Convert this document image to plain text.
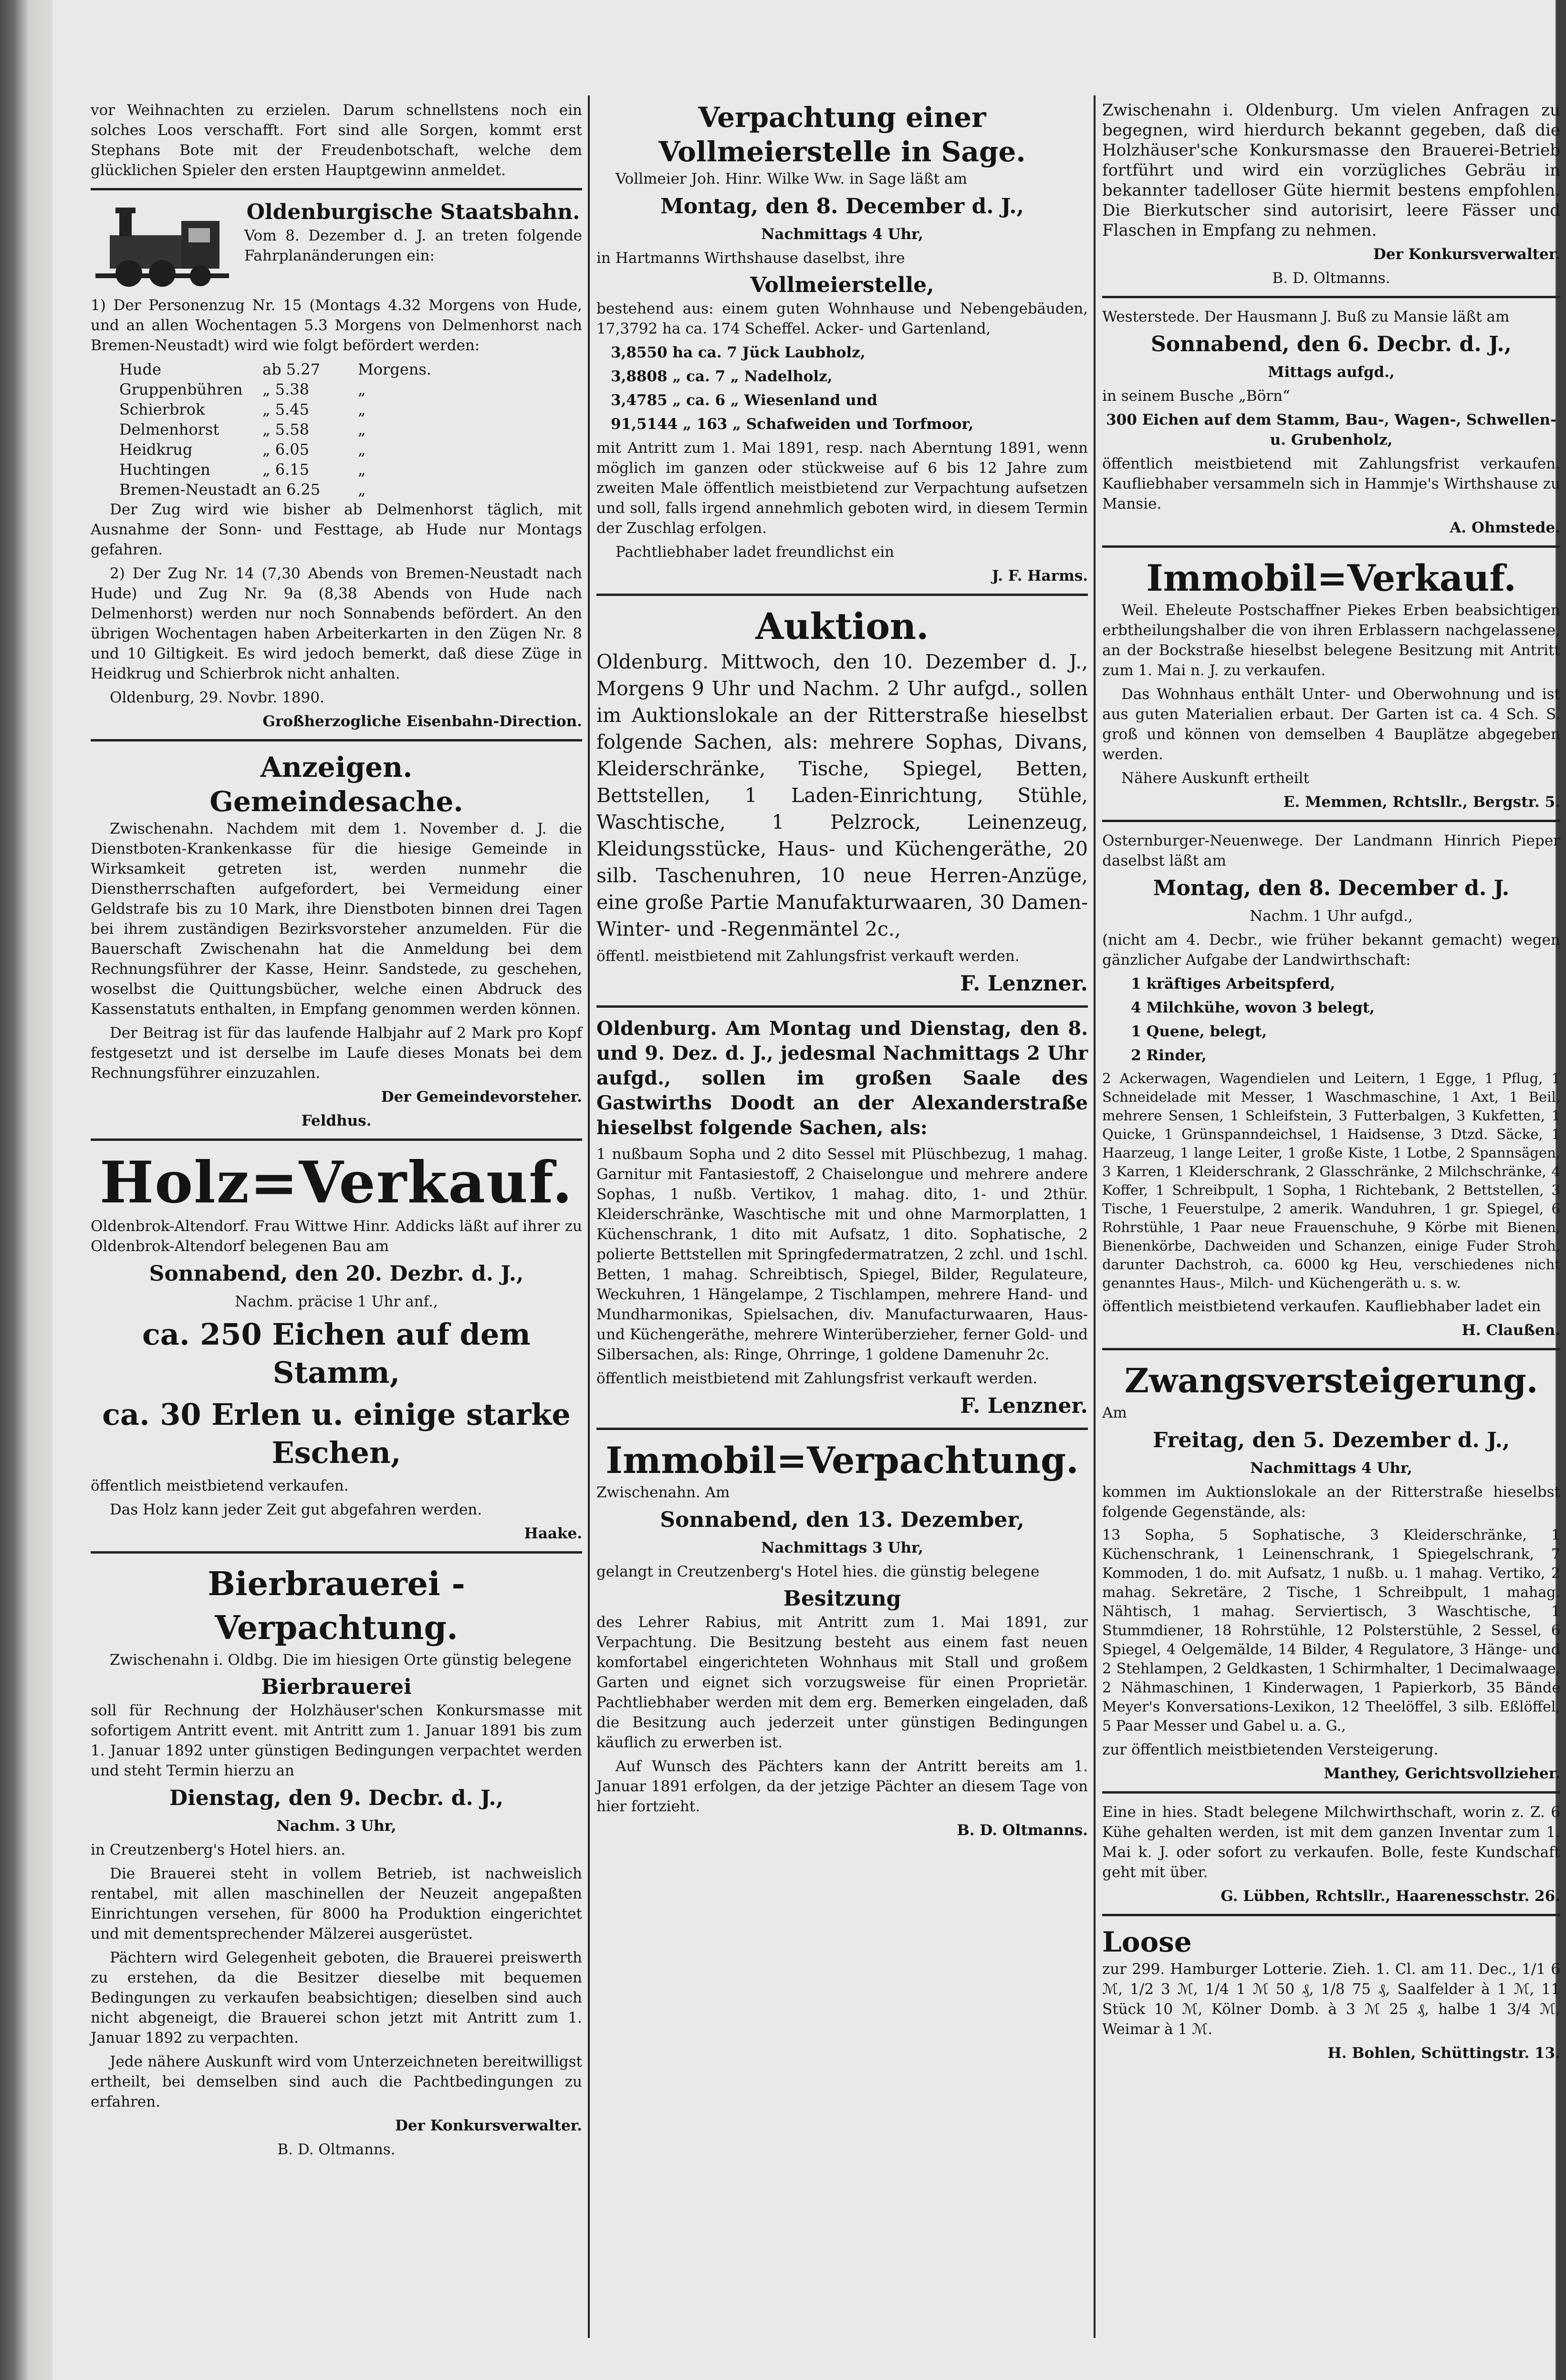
vor Weihnachten zu erzielen. Darum schnellstens noch ein solches Loos verschafft. Fort sind alle Sorgen, kommt erst Stephans Bote mit der Freudenbotschaft, welche dem glücklichen Spieler den ersten Hauptgewinn anmeldet.

Oldenburgische Staatsbahn.

Vom 8. Dezember d. J. an treten folgende Fahrplanänderungen ein:

1) Der Personenzug Nr. 15 (Montags 4.32 Morgens von Hude, und an allen Wochentagen 5.3 Morgens von Delmenhorst nach Bremen-Neustadt) wird wie folgt befördert werden:

Hude	ab 5.27	Morgens.
Gruppenbühren	„ 5.38	„
Schierbrok	„ 5.45	„
Delmenhorst	„ 5.58	„
Heidkrug	„ 6.05	„
Huchtingen	„ 6.15	„
Bremen-Neustadt an 6.25	„

Der Zug wird wie bisher ab Delmenhorst täglich, mit Ausnahme der Sonn- und Festtage, ab Hude nur Montags gefahren.

2) Der Zug Nr. 14 (7,30 Abends von Bremen-Neustadt nach Hude) und Zug Nr. 9a (8,38 Abends von Hude nach Delmenhorst) werden nur noch Sonnabends befördert. An den übrigen Wochentagen haben Arbeiterkarten in den Zügen Nr. 8 und 10 Giltigkeit. Es wird jedoch bemerkt, daß diese Züge in Heidkrug und Schierbrok nicht anhalten.

Oldenburg, 29. Novbr. 1890.

Großherzogliche Eisenbahn-Direction.

Anzeigen.

Gemeindesache.

Zwischenahn. Nachdem mit dem 1. November d. J. die Dienstboten-Krankenkasse für die hiesige Gemeinde in Wirksamkeit getreten ist, werden nunmehr die Dienstherrschaften aufgefordert, bei Vermeidung einer Geldstrafe bis zu 10 Mark, ihre Dienstboten binnen drei Tagen bei ihrem zuständigen Bezirksvorsteher anzumelden. Für die Bauerschaft Zwischenahn hat die Anmeldung bei dem Rechnungsführer der Kasse, Heinr. Sandstede, zu geschehen, woselbst die Quittungsbücher, welche einen Abdruck des Kassenstatuts enthalten, in Empfang genommen werden können.

Der Beitrag ist für das laufende Halbjahr auf 2 Mark pro Kopf festgesetzt und ist derselbe im Laufe dieses Monats bei dem Rechnungsführer einzuzahlen.

Der Gemeindevorsteher.

Feldhus.

Holz=Verkauf.

Oldenbrok-Altendorf. Frau Wittwe Hinr. Addicks läßt auf ihrer zu Oldenbrok-Altendorf belegenen Bau am

Sonnabend, den 20. Dezbr. d. J.,

Nachm. präcise 1 Uhr anf.,

ca. 250 Eichen auf dem Stamm,

ca. 30 Erlen u. einige starke Eschen,

öffentlich meistbietend verkaufen.

Das Holz kann jeder Zeit gut abgefahren werden.

Haake.

Bierbrauerei - Verpachtung.

Zwischenahn i. Oldbg. Die im hiesigen Orte günstig belegene

Bierbrauerei

soll für Rechnung der Holzhäuser'schen Konkursmasse mit sofortigem Antritt event. mit Antritt zum 1. Januar 1891 bis zum 1. Januar 1892 unter günstigen Bedingungen verpachtet werden und steht Termin hierzu an

Dienstag, den 9. Decbr. d. J.,

Nachm. 3 Uhr,

in Creutzenberg's Hotel hiers. an.

Die Brauerei steht in vollem Betrieb, ist nachweislich rentabel, mit allen maschinellen der Neuzeit angepaßten Einrichtungen versehen, für 8000 ha Produktion eingerichtet und mit dementsprechender Mälzerei ausgerüstet.

Pächtern wird Gelegenheit geboten, die Brauerei preiswerth zu erstehen, da die Besitzer dieselbe mit bequemen Bedingungen zu verkaufen beabsichtigen; dieselben sind auch nicht abgeneigt, die Brauerei schon jetzt mit Antritt zum 1. Januar 1892 zu verpachten.

Jede nähere Auskunft wird vom Unterzeichneten bereitwilligst ertheilt, bei demselben sind auch die Pachtbedingungen zu erfahren.

Der Konkursverwalter.

B. D. Oltmanns.

Verpachtung einer Vollmeierstelle in Sage.

Vollmeier Joh. Hinr. Wilke Ww. in Sage läßt am

Montag, den 8. December d. J.,

Nachmittags 4 Uhr,

in Hartmanns Wirthshause daselbst, ihre

Vollmeierstelle,

bestehend aus: einem guten Wohnhause und Nebengebäuden, 17,3792 ha ca. 174 Scheffel. Acker- und Gartenland,

3,8550 ha ca. 7 Jück Laubholz,

3,8808 „ ca. 7 „ Nadelholz,

3,4785 „ ca. 6 „ Wiesenland und

91,5144 „ 163 „ Schafweiden und Torfmoor,

mit Antritt zum 1. Mai 1891, resp. nach Aberntung 1891, wenn möglich im ganzen oder stückweise auf 6 bis 12 Jahre zum zweiten Male öffentlich meistbietend zur Verpachtung aufsetzen und soll, falls irgend annehmlich geboten wird, in diesem Termin der Zuschlag erfolgen.

Pachtliebhaber ladet freundlichst ein

J. F. Harms.

Auktion.

Oldenburg. Mittwoch, den 10. Dezember d. J., Morgens 9 Uhr und Nachm. 2 Uhr aufgd., sollen im Auktionslokale an der Ritterstraße hieselbst folgende Sachen, als: mehrere Sophas, Divans, Kleiderschränke, Tische, Spiegel, Betten, Bettstellen, 1 Laden-Einrichtung, Stühle, Waschtische, 1 Pelzrock, Leinenzeug, Kleidungsstücke, Haus- und Küchengeräthe, 20 silb. Taschenuhren, 10 neue Herren-Anzüge, eine große Partie Manufakturwaaren, 30 Damen-Winter- und -Regenmäntel 2c.,

öffentl. meistbietend mit Zahlungsfrist verkauft werden.

F. Lenzner.

Oldenburg. Am Montag und Dienstag, den 8. und 9. Dez. d. J., jedesmal Nachmittags 2 Uhr aufgd., sollen im großen Saale des Gastwirths Doodt an der Alexanderstraße hieselbst folgende Sachen, als:

1 nußbaum Sopha und 2 dito Sessel mit Plüschbezug, 1 mahag. Garnitur mit Fantasiestoff, 2 Chaiselongue und mehrere andere Sophas, 1 nußb. Vertikov, 1 mahag. dito, 1- und 2thür. Kleiderschränke, Waschtische mit und ohne Marmorplatten, 1 Küchenschrank, 1 dito mit Aufsatz, 1 dito. Sophatische, 2 polierte Bettstellen mit Springfedermatratzen, 2 zchl. und 1schl. Betten, 1 mahag. Schreibtisch, Spiegel, Bilder, Regulateure, Weckuhren, 1 Hängelampe, 2 Tischlampen, mehrere Hand- und Mundharmonikas, Spielsachen, div. Manufacturwaaren, Haus- und Küchengeräthe, mehrere Winterüberzieher, ferner Gold- und Silbersachen, als: Ringe, Ohrringe, 1 goldene Damenuhr 2c.

öffentlich meistbietend mit Zahlungsfrist verkauft werden.

F. Lenzner.

Immobil=Verpachtung.

Zwischenahn. Am

Sonnabend, den 13. Dezember,

Nachmittags 3 Uhr,

gelangt in Creutzenberg's Hotel hies. die günstig belegene

Besitzung

des Lehrer Rabius, mit Antritt zum 1. Mai 1891, zur Verpachtung. Die Besitzung besteht aus einem fast neuen komfortabel eingerichteten Wohnhaus mit Stall und großem Garten und eignet sich vorzugsweise für einen Proprietär. Pachtliebhaber werden mit dem erg. Bemerken eingeladen, daß die Besitzung auch jederzeit unter günstigen Bedingungen käuflich zu erwerben ist.

Auf Wunsch des Pächters kann der Antritt bereits am 1. Januar 1891 erfolgen, da der jetzige Pächter an diesem Tage von hier fortzieht.

B. D. Oltmanns.

Zwischenahn i. Oldenburg. Um vielen Anfragen zu begegnen, wird hierdurch bekannt gegeben, daß die Holzhäuser'sche Konkursmasse den Brauerei-Betrieb fortführt und wird ein vorzügliches Gebräu in bekannter tadelloser Güte hiermit bestens empfohlen. Die Bierkutscher sind autorisirt, leere Fässer und Flaschen in Empfang zu nehmen.

Der Konkursverwalter.

B. D. Oltmanns.

Westerstede. Der Hausmann J. Buß zu Mansie läßt am

Sonnabend, den 6. Decbr. d. J.,

Mittags aufgd.,

in seinem Busche „Börn“

300 Eichen auf dem Stamm, Bau-, Wagen-, Schwellen- u. Grubenholz,

öffentlich meistbietend mit Zahlungsfrist verkaufen. Kaufliebhaber versammeln sich in Hammje's Wirthshause zu Mansie.

A. Ohmstede.

Immobil=Verkauf.

Weil. Eheleute Postschaffner Piekes Erben beabsichtigen erbtheilungshalber die von ihren Erblassern nachgelassene, an der Bockstraße hieselbst belegene Besitzung mit Antritt zum 1. Mai n. J. zu verkaufen.

Das Wohnhaus enthält Unter- und Oberwohnung und ist aus guten Materialien erbaut. Der Garten ist ca. 4 Sch. S. groß und können von demselben 4 Bauplätze abgegeben werden.

Nähere Auskunft ertheilt

E. Memmen, Rchtsllr., Bergstr. 5.

Osternburger-Neuenwege. Der Landmann Hinrich Pieper daselbst läßt am

Montag, den 8. December d. J.

Nachm. 1 Uhr aufgd.,

(nicht am 4. Decbr., wie früher bekannt gemacht) wegen gänzlicher Aufgabe der Landwirthschaft:

1 kräftiges Arbeitspferd,

4 Milchkühe, wovon 3 belegt,

1 Quene, belegt,

2 Rinder,

2 Ackerwagen, Wagendielen und Leitern, 1 Egge, 1 Pflug, 1 Schneidelade mit Messer, 1 Waschmaschine, 1 Axt, 1 Beil, mehrere Sensen, 1 Schleifstein, 3 Futterbalgen, 3 Kukfetten, 1 Quicke, 1 Grünspanndeichsel, 1 Haidsense, 3 Dtzd. Säcke, 1 Haarzeug, 1 lange Leiter, 1 große Kiste, 1 Lotbe, 2 Spannsägen, 3 Karren, 1 Kleiderschrank, 2 Glasschränke, 2 Milchschränke, 4 Koffer, 1 Schreibpult, 1 Sopha, 1 Richtebank, 2 Bettstellen, 3 Tische, 1 Feuerstulpe, 2 amerik. Wanduhren, 1 gr. Spiegel, 6 Rohrstühle, 1 Paar neue Frauenschuhe, 9 Körbe mit Bienen, Bienenkörbe, Dachweiden und Schanzen, einige Fuder Stroh, darunter Dachstroh, ca. 6000 kg Heu, verschiedenes nicht genanntes Haus-, Milch- und Küchengeräth u. s. w.

öffentlich meistbietend verkaufen. Kaufliebhaber ladet ein

H. Claußen.

Zwangsversteigerung.

Am

Freitag, den 5. Dezember d. J.,

Nachmittags 4 Uhr,

kommen im Auktionslokale an der Ritterstraße hieselbst folgende Gegenstände, als:

13 Sopha, 5 Sophatische, 3 Kleiderschränke, 1 Küchenschrank, 1 Leinenschrank, 1 Spiegelschrank, 7 Kommoden, 1 do. mit Aufsatz, 1 nußb. u. 1 mahag. Vertiko, 2 mahag. Sekretäre, 2 Tische, 1 Schreibpult, 1 mahag. Nähtisch, 1 mahag. Serviertisch, 3 Waschtische, 1 Stummdiener, 18 Rohrstühle, 12 Polsterstühle, 2 Sessel, 6 Spiegel, 4 Oelgemälde, 14 Bilder, 4 Regulatore, 3 Hänge- und 2 Stehlampen, 2 Geldkasten, 1 Schirmhalter, 1 Decimalwaage, 2 Nähmaschinen, 1 Kinderwagen, 1 Papierkorb, 35 Bände Meyer's Konversations-Lexikon, 12 Theelöffel, 3 silb. Eßlöffel, 5 Paar Messer und Gabel u. a. G.,

zur öffentlich meistbietenden Versteigerung.

Manthey, Gerichtsvollzieher.

Eine in hies. Stadt belegene Milchwirthschaft, worin z. Z. 6 Kühe gehalten werden, ist mit dem ganzen Inventar zum 1. Mai k. J. oder sofort zu verkaufen. Bolle, feste Kundschaft geht mit über.

G. Lübben, Rchtsllr., Haarenesschstr. 26.

Loose

zur 299. Hamburger Lotterie. Zieh. 1. Cl. am 11. Dec., 1/1 6 ℳ, 1/2 3 ℳ, 1/4 1 ℳ 50 ₰, 1/8 75 ₰, Saalfelder à 1 ℳ, 11 Stück 10 ℳ, Kölner Domb. à 3 ℳ 25 ₰, halbe 1 3/4 ℳ, Weimar à 1 ℳ.

H. Bohlen, Schüttingstr. 13.
